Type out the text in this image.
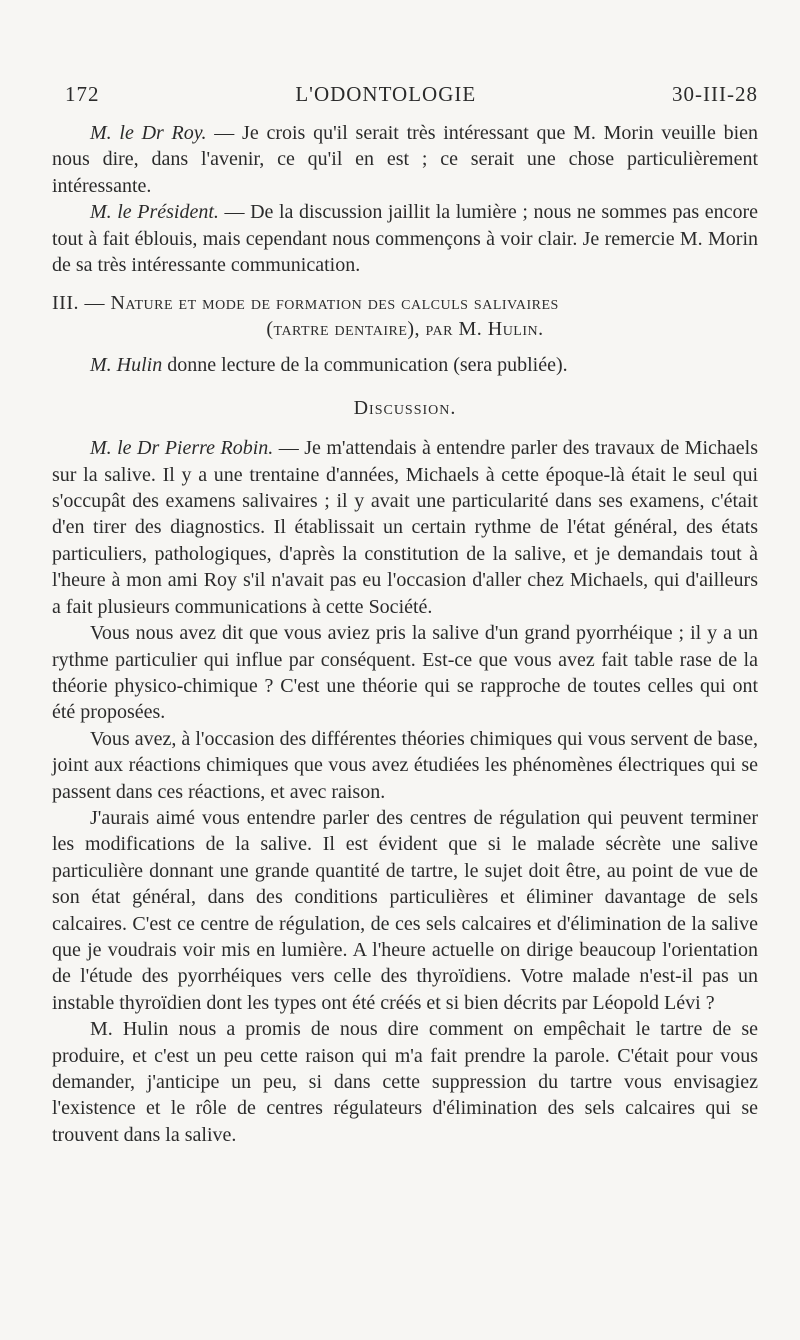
172	L'ODONTOLOGIE	30-III-28

M. le Dr Roy. — Je crois qu'il serait très intéressant que M. Morin veuille bien nous dire, dans l'avenir, ce qu'il en est ; ce serait une chose particulièrement intéressante.

M. le Président. — De la discussion jaillit la lumière ; nous ne sommes pas encore tout à fait éblouis, mais cependant nous commençons à voir clair. Je remercie M. Morin de sa très intéressante communication.

III. — Nature et mode de formation des calculs salivaires
(tartre dentaire), par M. Hulin.

M. Hulin donne lecture de la communication (sera publiée).

Discussion.

M. le Dr Pierre Robin. — Je m'attendais à entendre parler des travaux de Michaels sur la salive. Il y a une trentaine d'années, Michaels à cette époque-là était le seul qui s'occupât des examens salivaires ; il y avait une particularité dans ses examens, c'était d'en tirer des diagnostics. Il établissait un certain rythme de l'état général, des états particuliers, pathologiques, d'après la constitution de la salive, et je demandais tout à l'heure à mon ami Roy s'il n'avait pas eu l'occasion d'aller chez Michaels, qui d'ailleurs a fait plusieurs communications à cette Société.

Vous nous avez dit que vous aviez pris la salive d'un grand pyorrhéique ; il y a un rythme particulier qui influe par conséquent. Est-ce que vous avez fait table rase de la théorie physico-chimique ? C'est une théorie qui se rapproche de toutes celles qui ont été proposées.

Vous avez, à l'occasion des différentes théories chimiques qui vous servent de base, joint aux réactions chimiques que vous avez étudiées les phénomènes électriques qui se passent dans ces réactions, et avec raison.

J'aurais aimé vous entendre parler des centres de régulation qui peuvent terminer les modifications de la salive. Il est évident que si le malade sécrète une salive particulière donnant une grande quantité de tartre, le sujet doit être, au point de vue de son état général, dans des conditions particulières et éliminer davantage de sels calcaires. C'est ce centre de régulation, de ces sels calcaires et d'élimination de la salive que je voudrais voir mis en lumière. A l'heure actuelle on dirige beaucoup l'orientation de l'étude des pyorrhéiques vers celle des thyroïdiens. Votre malade n'est-il pas un instable thyroïdien dont les types ont été créés et si bien décrits par Léopold Lévi ?

M. Hulin nous a promis de nous dire comment on empêchait le tartre de se produire, et c'est un peu cette raison qui m'a fait prendre la parole. C'était pour vous demander, j'anticipe un peu, si dans cette suppression du tartre vous envisagiez l'existence et le rôle de centres régulateurs d'élimination des sels calcaires qui se trouvent dans la salive.
